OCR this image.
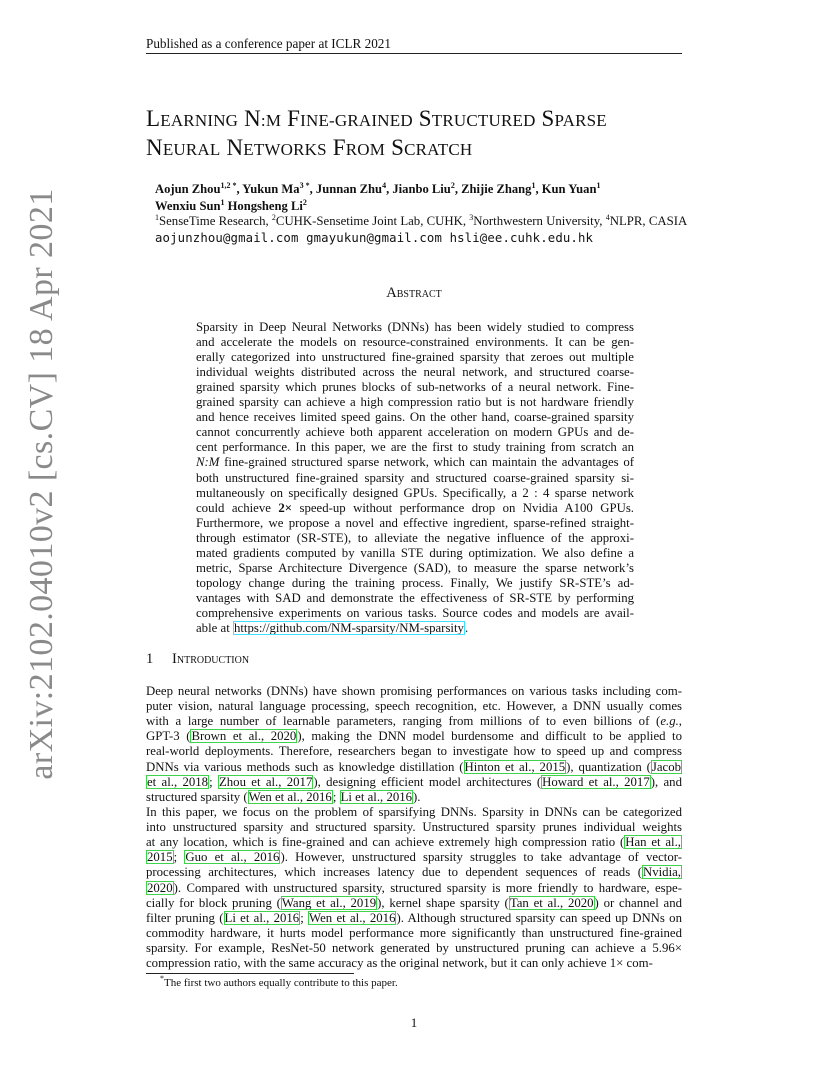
Published as a conference paper at ICLR 2021
arXiv:2102.04010v2 [cs.CV] 18 Apr 2021
LEARNING N:M FINE-GRAINED STRUCTURED SPARSE
NEURAL NETWORKS FROM SCRATCH
Aojun Zhou$^{1,2 *}$, Yukun $Ma^{3 *}$, Junnan Zhu$^4$, Jianbo Liu$^2$, Zhijie Zhang$^1$, Kun Yuan$^1$
Wenxiu Sun$^1$ Hongsheng Li$^2$
$^1$SenseTime Research, $^2$CUHK-Sensetime Joint Lab, CUHK, $^3$Northwestern University, $^4$NLPR, CASIA
aojunzhou@gmail.com gmayukun@gmail.com hsli@ee.cuhk.edu.hk
Abstract
Sparsity in Deep Neural Networks (DNNs) has been widely studied to compress
and accelerate the models on resource-constrained environments. It can be gen-
erally categorized into unstructured fine-grained sparsity that zeroes out multiple
individual weights distributed across the neural network, and structured coarse-
grained sparsity which prunes blocks of sub-networks of a neural network. Fine-
grained sparsity can achieve a high compression ratio but is not hardware friendly
and hence receives limited speed gains. On the other hand, coarse-grained sparsity
cannot concurrently achieve both apparent acceleration on modern GPUs and de-
cent performance. In this paper, we are the first to study training from scratch an
N:M fine-grained structured sparse network, which can maintain the advantages of
both unstructured fine-grained sparsity and structured coarse-grained sparsity si-
multaneously on specifically designed GPUs. Specifically, a 2 : 4 sparse network
could achieve 2× speed-up without performance drop on Nvidia A100 GPUs.
Furthermore, we propose a novel and effective ingredient, sparse-refined straight-
through estimator (SR-STE), to alleviate the negative influence of the approxi-
mated gradients computed by vanilla STE during optimization. We also define a
metric, Sparse Architecture Divergence (SAD), to measure the sparse network’s
topology change during the training process. Finally, We justify SR-STE’s ad-
vantages with SAD and demonstrate the effectiveness of SR-STE by performing
comprehensive experiments on various tasks. Source codes and models are avail-
able at https://github.com/NM-sparsity/NM-sparsity.
1 Introduction
Deep neural networks (DNNs) have shown promising performances on various tasks including com-
puter vision, natural language processing, speech recognition, etc. However, a DNN usually comes
with a large number of learnable parameters, ranging from millions of to even billions of (e.g.,
GPT-3 (Brown et al., 2020), making the DNN model burdensome and difficult to be applied to
real-world deployments. Therefore, researchers began to investigate how to speed up and compress
DNNs via various methods such as knowledge distillation (Hinton et al., 2015), quantization (Jacob
et al., 2018; Zhou et al., 2017), designing efficient model architectures (Howard et al., 2017), and
structured sparsity (Wen et al., 2016; Li et al., 2016).
In this paper, we focus on the problem of sparsifying DNNs. Sparsity in DNNs can be categorized
into unstructured sparsity and structured sparsity. Unstructured sparsity prunes individual weights
at any location, which is fine-grained and can achieve extremely high compression ratio (Han et al.,
2015; Guo et al., 2016). However, unstructured sparsity struggles to take advantage of vector-
processing architectures, which increases latency due to dependent sequences of reads (Nvidia,
2020). Compared with unstructured sparsity, structured sparsity is more friendly to hardware, espe-
cially for block pruning (Wang et al., 2019), kernel shape sparsity (Tan et al., 2020) or channel and
filter pruning (Li et al., 2016; Wen et al., 2016). Although structured sparsity can speed up DNNs on
commodity hardware, it hurts model performance more significantly than unstructured fine-grained
sparsity. For example, ResNet-50 network generated by unstructured pruning can achieve a 5.96×
compression ratio, with the same accuracy as the original network, but it can only achieve 1× com-
*The first two authors equally contribute to this paper.
1
